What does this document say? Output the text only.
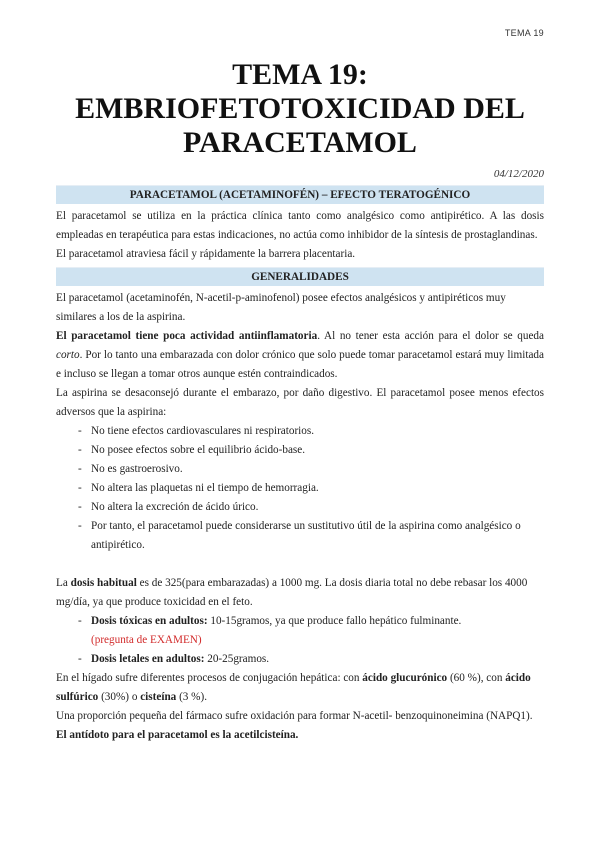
TEMA 19
TEMA 19:
EMBRIOFETOTOXICIDAD DEL
PARACETAMOL
04/12/2020
PARACETAMOL (ACETAMINOFÉN) – EFECTO TERATOGÉNICO

El paracetamol se utiliza en la práctica clínica tanto como analgésico como antipirético. A las dosis empleadas en terapéutica para estas indicaciones, no actúa como inhibidor de la síntesis de prostaglandinas.

El paracetamol atraviesa fácil y rápidamente la barrera placentaria.

GENERALIDADES

El paracetamol (acetaminofén, N-acetil-p-aminofenol) posee efectos analgésicos y antipiréticos muy similares a los de la aspirina.

El paracetamol tiene poca actividad antiinflamatoria. Al no tener esta acción para el dolor se queda corto. Por lo tanto una embarazada con dolor crónico que solo puede tomar paracetamol estará muy limitada e incluso se llegan a tomar otros aunque estén contraindicados.

La aspirina se desaconsejó durante el embarazo, por daño digestivo. El paracetamol posee menos efectos adversos que la aspirina:

- No tiene efectos cardiovasculares ni respiratorios.
- No posee efectos sobre el equilibrio ácido-base.
- No es gastroerosivo.
- No altera las plaquetas ni el tiempo de hemorragia.
- No altera la excreción de ácido úrico.
- Por tanto, el paracetamol puede considerarse un sustitutivo útil de la aspirina como analgésico o antipirético.

La dosis habitual es de 325(para embarazadas) a 1000 mg. La dosis diaria total no debe rebasar los 4000 mg/día, ya que produce toxicidad en el feto.

- Dosis tóxicas en adultos: 10-15gramos, ya que produce fallo hepático fulminante.
(pregunta de EXAMEN)
- Dosis letales en adultos: 20-25gramos.

En el hígado sufre diferentes procesos de conjugación hepática: con ácido glucurónico (60 %), con ácido sulfúrico (30%) o cisteína (3 %).

Una proporción pequeña del fármaco sufre oxidación para formar N-acetil- benzoquinoneimina (NAPQ1).

El antídoto para el paracetamol es la acetilcisteína.
